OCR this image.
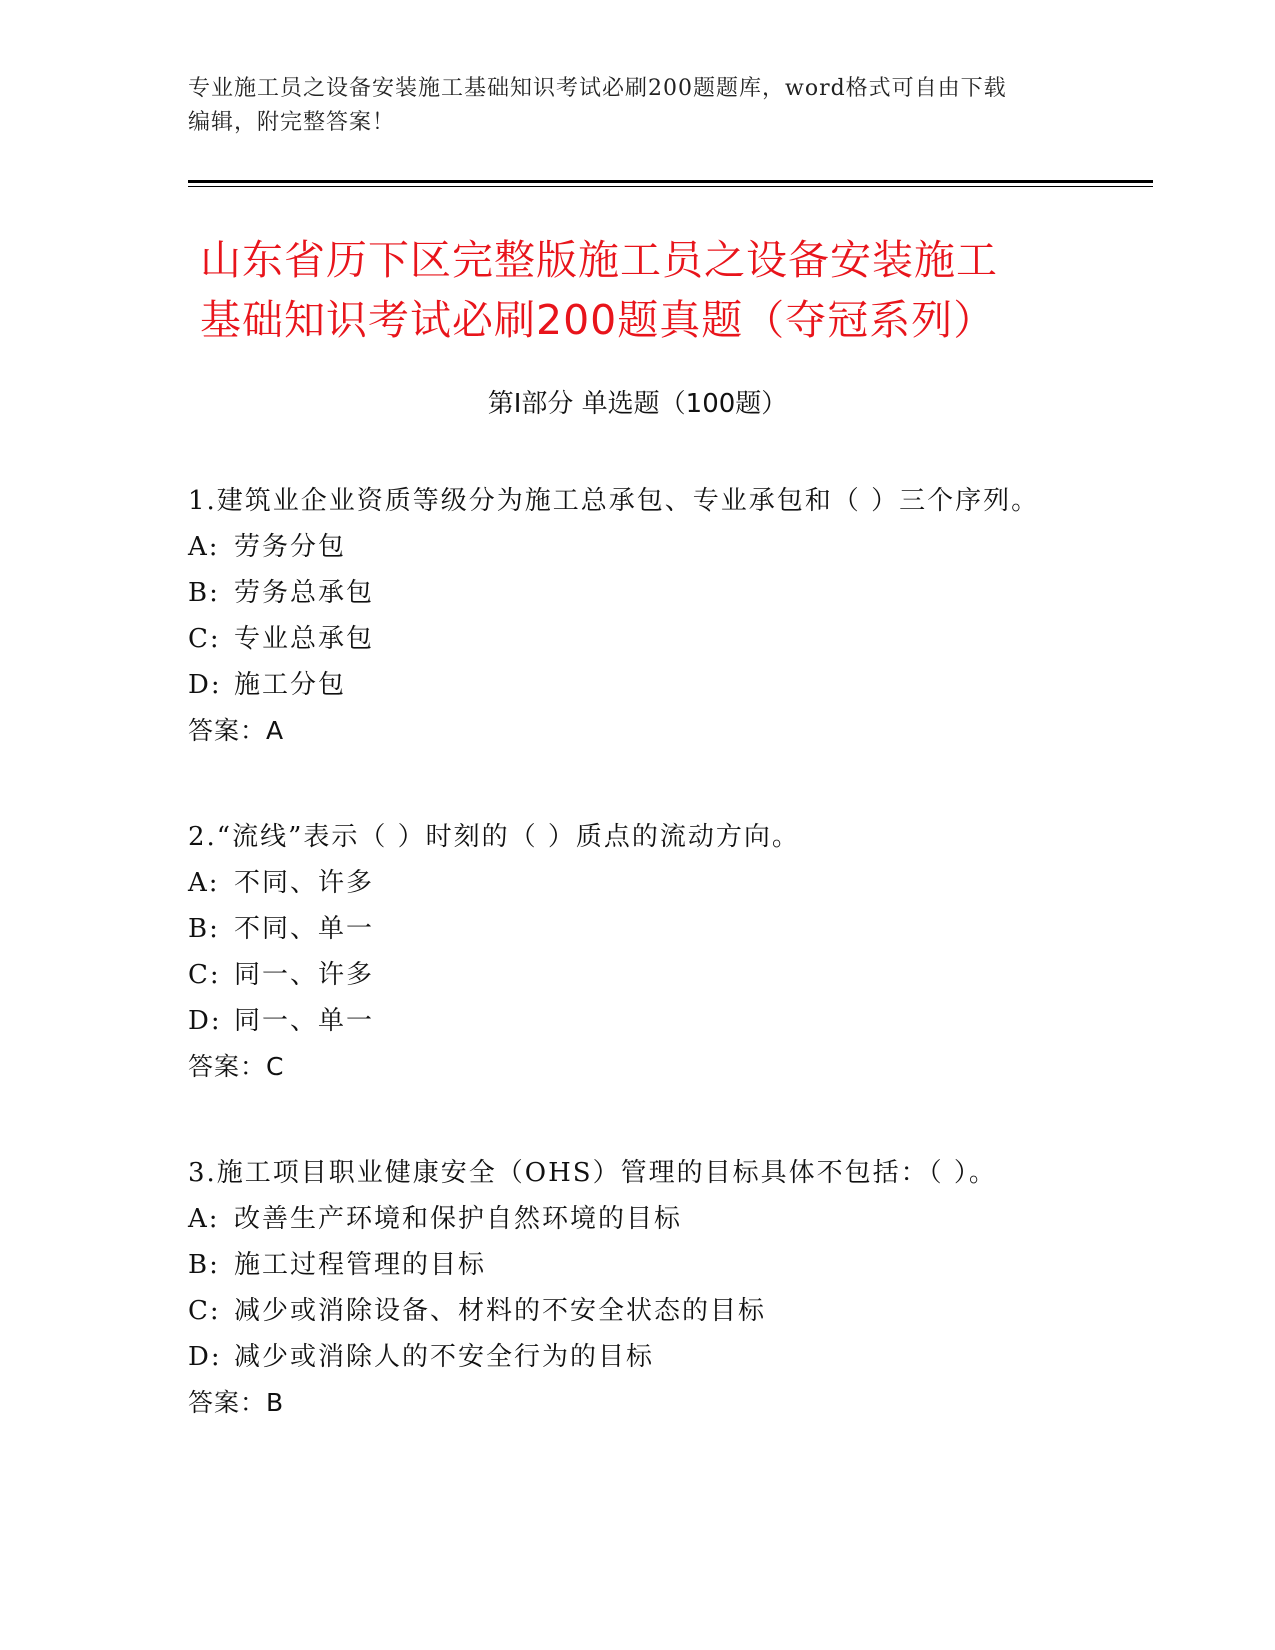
专业施工员之设备安装施工基础知识考试必刷200题题库，word格式可自由下载
编辑，附完整答案！
山东省历下区完整版施工员之设备安装施工
基础知识考试必刷200题真题（夺冠系列）
第Ⅰ部分 单选题（100题）
1.建筑业企业资质等级分为施工总承包、专业承包和（ ）三个序列。
A: 劳务分包
B: 劳务总承包
C: 专业总承包
D: 施工分包
答案：A
2.“流线”表示（ ）时刻的（ ）质点的流动方向。
A: 不同、许多
B: 不同、单一
C: 同一、许多
D: 同一、单一
答案：C
3.施工项目职业健康安全（OHS）管理的目标具体不包括：（ ）。
A: 改善生产环境和保护自然环境的目标
B: 施工过程管理的目标
C: 减少或消除设备、材料的不安全状态的目标
D: 减少或消除人的不安全行为的目标
答案：B
